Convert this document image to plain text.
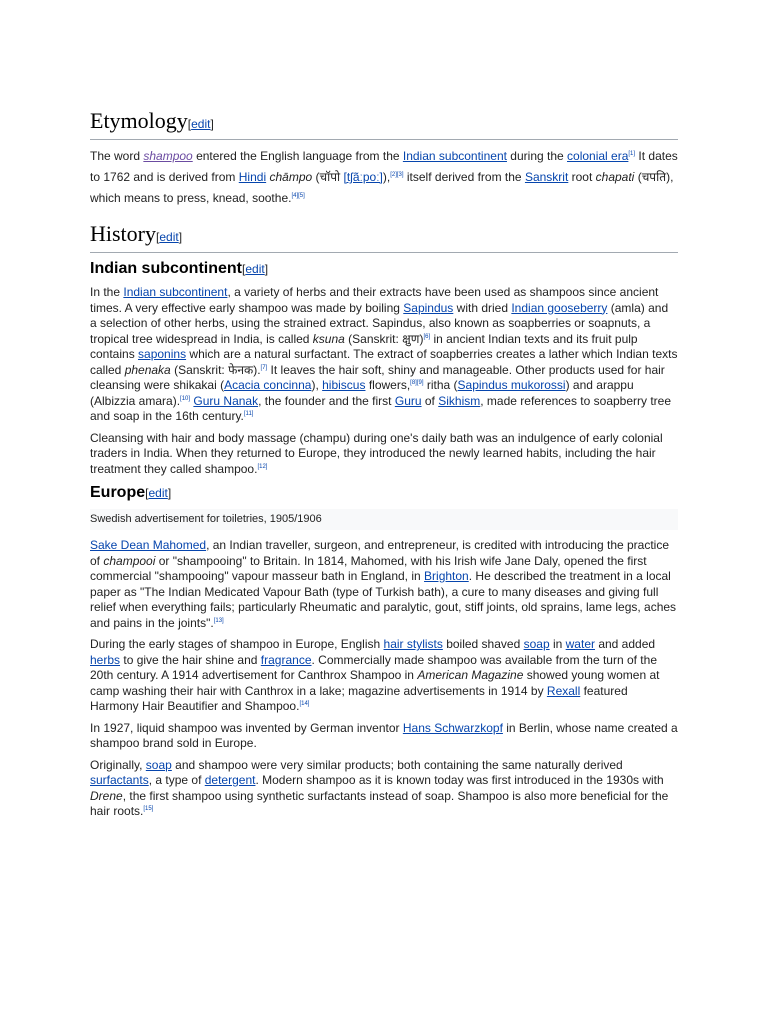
Etymology[edit]

The word shampoo entered the English language from the Indian subcontinent during the colonial era[1] It dates to 1762 and is derived from Hindi chāmpo (चॉपो [tʃãːpoː]),[2][3] itself derived from the Sanskrit root chapati (चपति), which means to press, knead, soothe.[4][5]

History[edit]
Indian subcontinent[edit]

In the Indian subcontinent, a variety of herbs and their extracts have been used as shampoos since ancient times. A very effective early shampoo was made by boiling Sapindus with dried Indian gooseberry (amla) and a selection of other herbs, using the strained extract. Sapindus, also known as soapberries or soapnuts, a tropical tree widespread in India, is called ksuna (Sanskrit: क्षुण)[6] in ancient Indian texts and its fruit pulp contains saponins which are a natural surfactant. The extract of soapberries creates a lather which Indian texts called phenaka (Sanskrit: फेनक).[7] It leaves the hair soft, shiny and manageable. Other products used for hair cleansing were shikakai (Acacia concinna), hibiscus flowers,[8][9] ritha (Sapindus mukorossi) and arappu (Albizzia amara).[10] Guru Nanak, the founder and the first Guru of Sikhism, made references to soapberry tree and soap in the 16th century.[11]

Cleansing with hair and body massage (champu) during one's daily bath was an indulgence of early colonial traders in India. When they returned to Europe, they introduced the newly learned habits, including the hair treatment they called shampoo.[12]

Europe[edit]
Swedish advertisement for toiletries, 1905/1906

Sake Dean Mahomed, an Indian traveller, surgeon, and entrepreneur, is credited with introducing the practice of champooi or "shampooing" to Britain. In 1814, Mahomed, with his Irish wife Jane Daly, opened the first commercial "shampooing" vapour masseur bath in England, in Brighton. He described the treatment in a local paper as "The Indian Medicated Vapour Bath (type of Turkish bath), a cure to many diseases and giving full relief when everything fails; particularly Rheumatic and paralytic, gout, stiff joints, old sprains, lame legs, aches and pains in the joints".[13]

During the early stages of shampoo in Europe, English hair stylists boiled shaved soap in water and added herbs to give the hair shine and fragrance. Commercially made shampoo was available from the turn of the 20th century. A 1914 advertisement for Canthrox Shampoo in American Magazine showed young women at camp washing their hair with Canthrox in a lake; magazine advertisements in 1914 by Rexall featured Harmony Hair Beautifier and Shampoo.[14]

In 1927, liquid shampoo was invented by German inventor Hans Schwarzkopf in Berlin, whose name created a shampoo brand sold in Europe.

Originally, soap and shampoo were very similar products; both containing the same naturally derived surfactants, a type of detergent. Modern shampoo as it is known today was first introduced in the 1930s with Drene, the first shampoo using synthetic surfactants instead of soap. Shampoo is also more beneficial for the hair roots.[15]
